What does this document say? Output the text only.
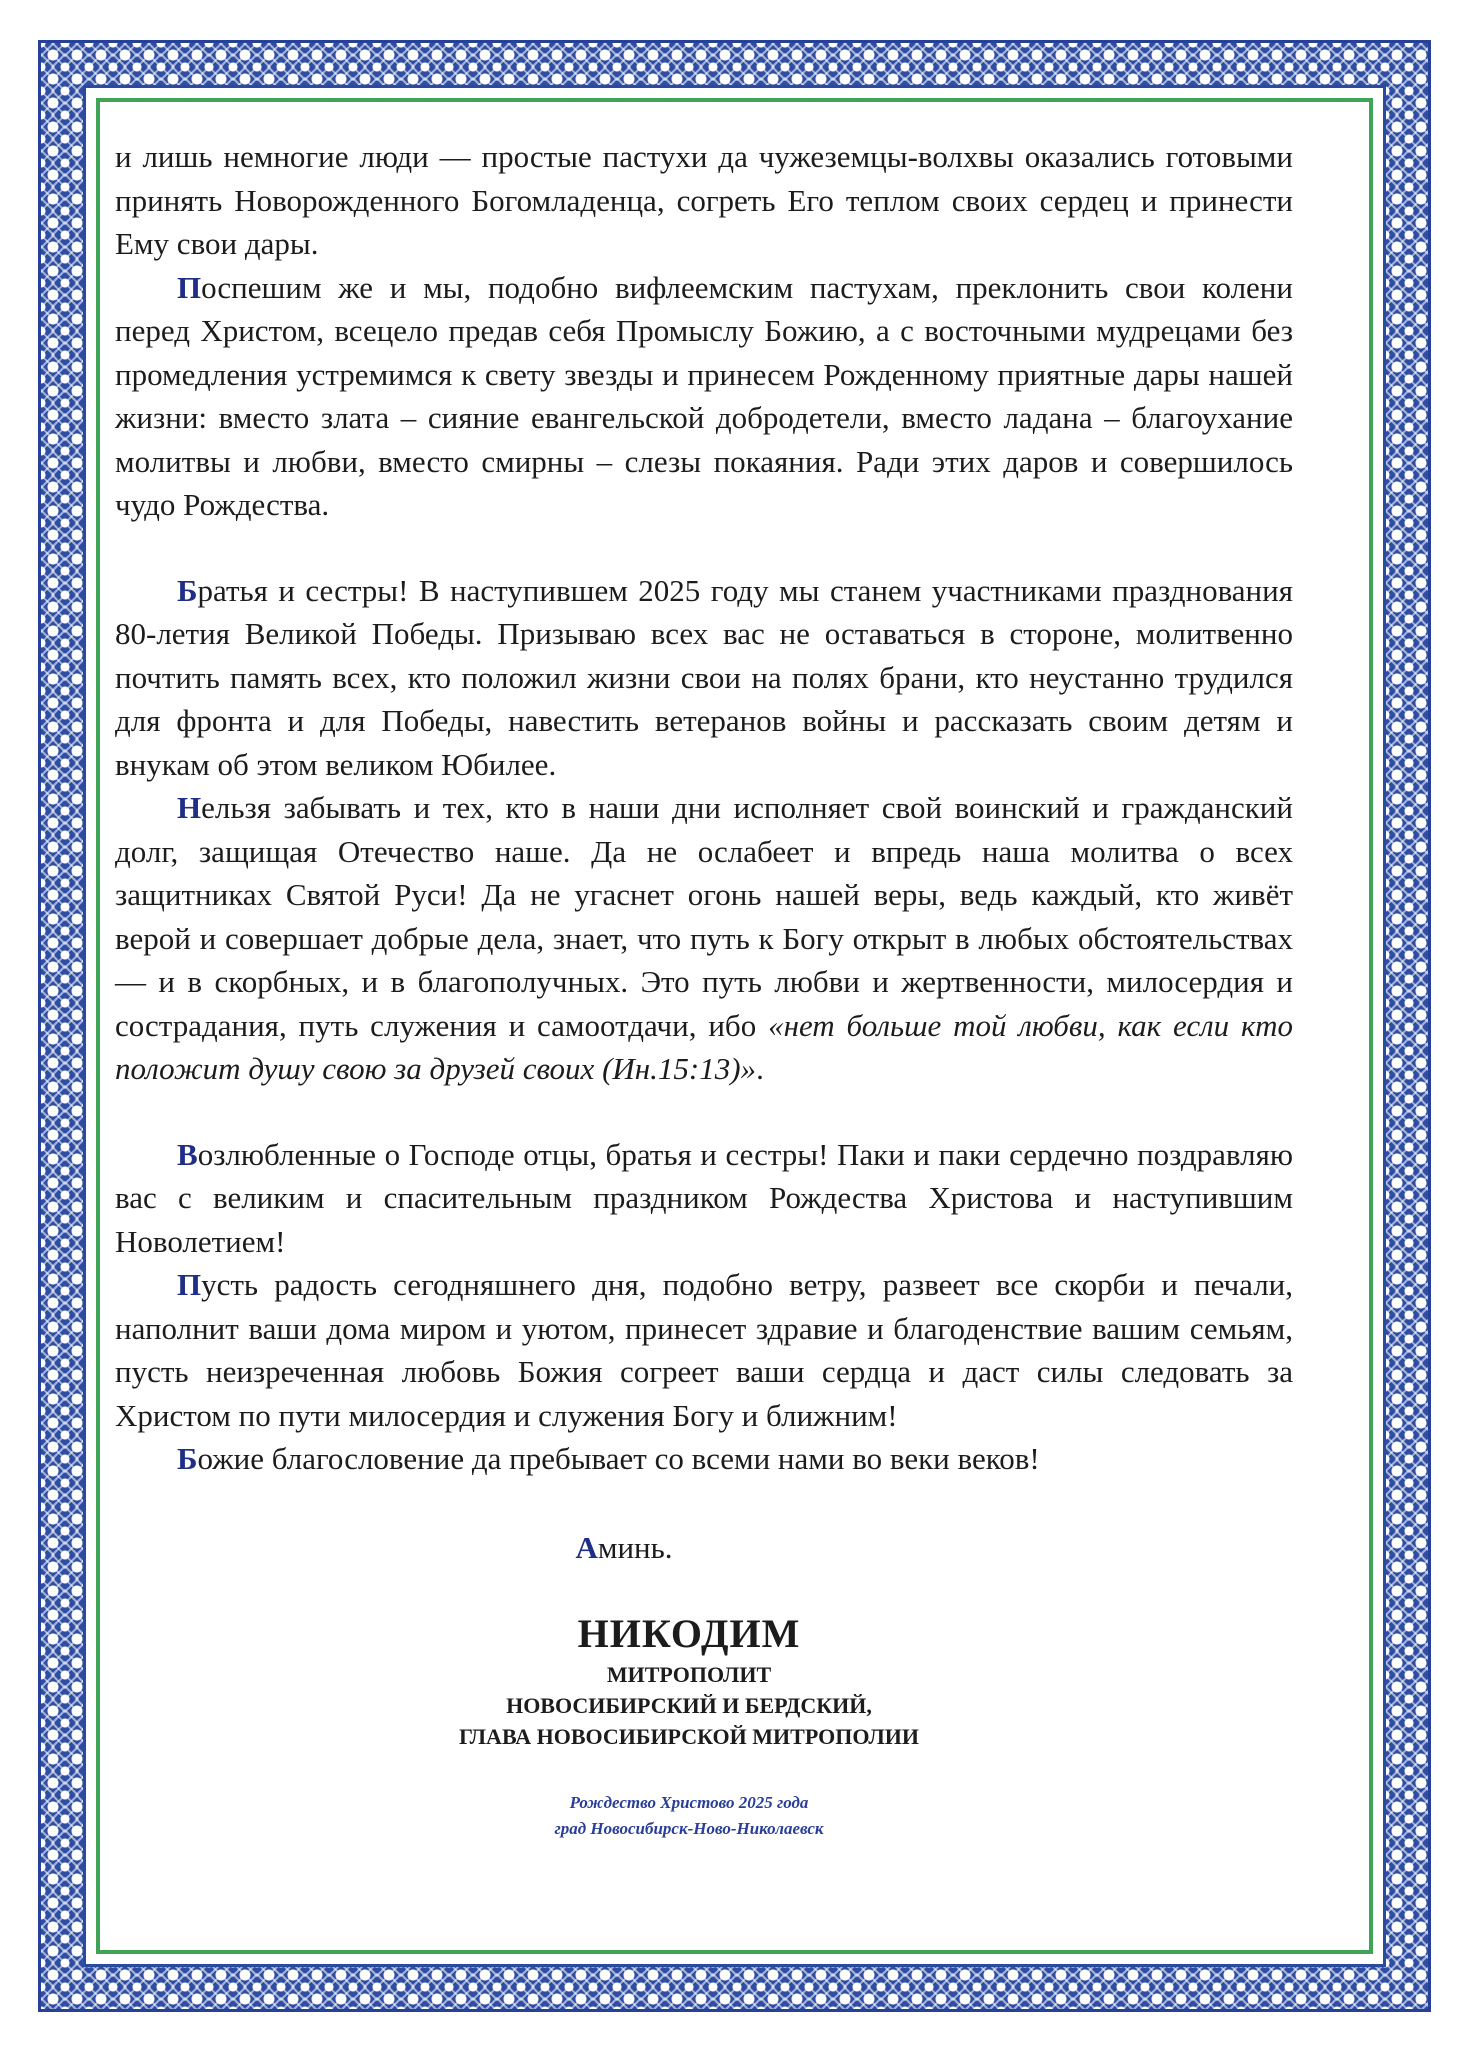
и лишь немногие люди — простые пастухи да чужеземцы-волхвы оказались готовыми принять Новорожденного Богомладенца, согреть Его теплом своих сердец и принести Ему свои дары.

Поспешим же и мы, подобно вифлеемским пастухам, преклонить свои колени перед Христом, всецело предав себя Промыслу Божию, а с восточными мудрецами без промедления устремимся к свету звезды и принесем Рожденному приятные дары нашей жизни: вместо злата – сияние евангельской добродетели, вместо ладана – благоухание молитвы и любви, вместо смирны – слезы покаяния. Ради этих даров и совершилось чудо Рождества.

Братья и сестры! В наступившем 2025 году мы станем участниками празднования 80-летия Великой Победы. Призываю всех вас не оставаться в стороне, молитвенно почтить память всех, кто положил жизни свои на полях брани, кто неустанно трудился для фронта и для Победы, навестить ветеранов войны и рассказать своим детям и внукам об этом великом Юбилее.

Нельзя забывать и тех, кто в наши дни исполняет свой воинский и гражданский долг, защищая Отечество наше. Да не ослабеет и впредь наша молитва о всех защитниках Святой Руси! Да не угаснет огонь нашей веры, ведь каждый, кто живёт верой и совершает добрые дела, знает, что путь к Богу открыт в любых обстоятельствах — и в скорбных, и в благополучных. Это путь любви и жертвенности, милосердия и сострадания, путь служения и самоотдачи, ибо «нет больше той любви, как если кто положит душу свою за друзей своих (Ин.15:13)».

Возлюбленные о Господе отцы, братья и сестры! Паки и паки сердечно поздравляю вас с великим и спасительным праздником Рождества Христова и наступившим Новолетием!

Пусть радость сегодняшнего дня, подобно ветру, развеет все скорби и печали, наполнит ваши дома миром и уютом, принесет здравие и благоденствие вашим семьям, пусть неизреченная любовь Божия согреет ваши сердца и даст силы следовать за Христом по пути милосердия и служения Богу и ближним!

Божие благословение да пребывает со всеми нами во веки веков!

Аминь.
НИКОДИМ
МИТРОПОЛИТ
НОВОСИБИРСКИЙ И БЕРДСКИЙ,
ГЛАВА НОВОСИБИРСКОЙ МИТРОПОЛИИ
Рождество Христово 2025 года
град Новосибирск-Ново-Николаевск
